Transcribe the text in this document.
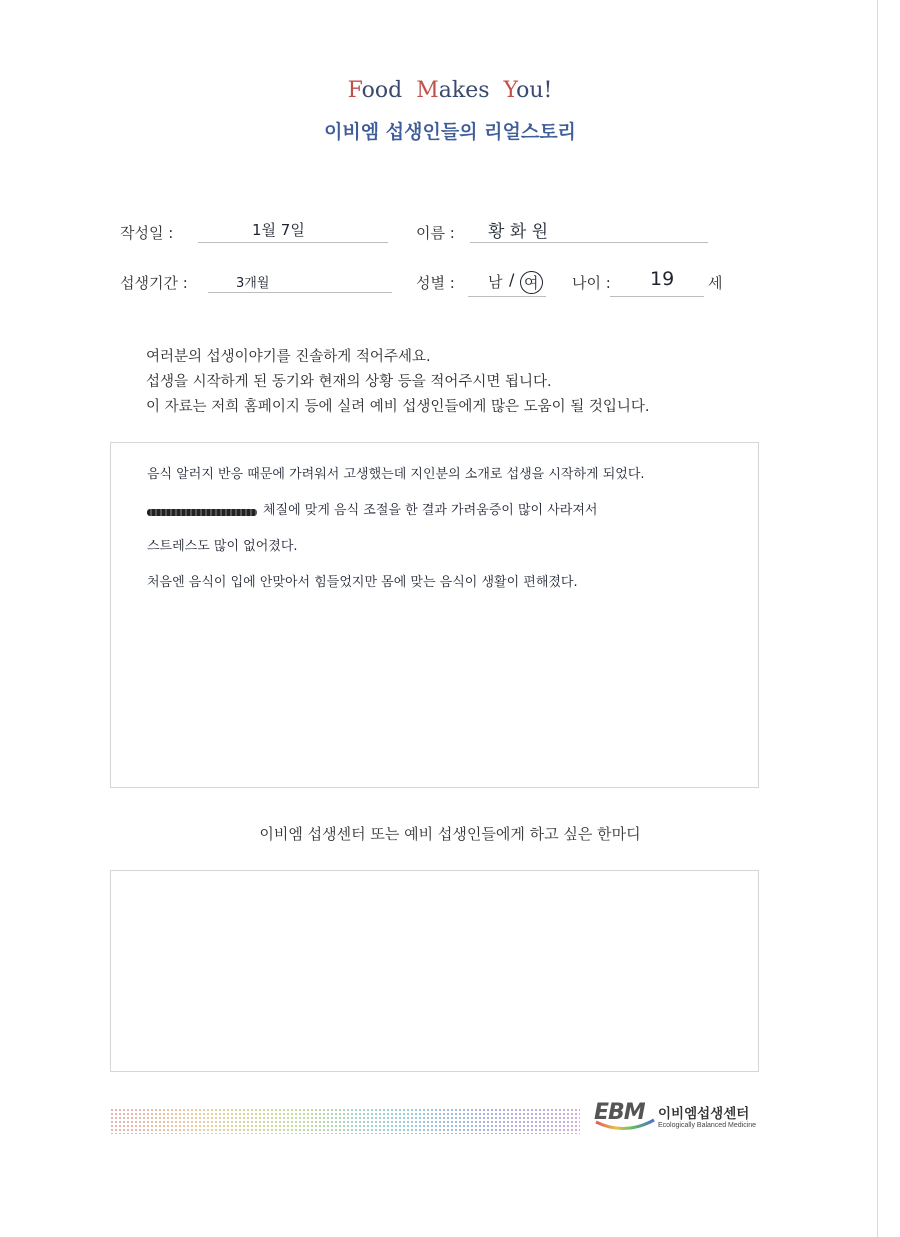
Food Makes You!
이비엠 섭생인들의 리얼스토리
작성일 :	1월 7일	이름 : 황 화 원
섭생기간 :	3개월	성별 : 남 / 여 나이 : 19 세
여러분의 섭생이야기를 진솔하게 적어주세요.
섭생을 시작하게 된 동기와 현재의 상황 등을 적어주시면 됩니다.
이 자료는 저희 홈페이지 등에 실려 예비 섭생인들에게 많은 도움이 될 것입니다.
음식 알러지 반응 때문에 가려워서 고생했는데 지인분의 소개로 섭생을 시작하게 되었다.
체질에 맞게 음식 조절을 한 결과 가려움증이 많이 사라져서
스트레스도 많이 없어졌다.
처음엔 음식이 입에 안맞아서 힘들었지만 몸에 맞는 음식이 생활이 편해졌다.
이비엠 섭생센터 또는 예비 섭생인들에게 하고 싶은 한마디
EBM 이비엠섭생센터
Ecologically Balanced Medicine
